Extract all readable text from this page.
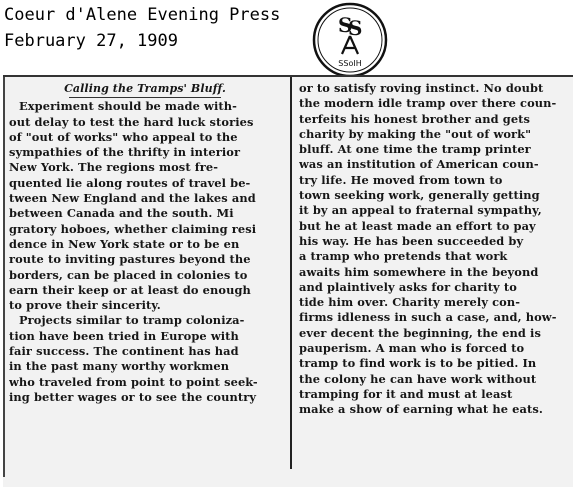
Coeur d'Alene Evening Press
February 27, 1909
S
S
SSoIH
Calling the Tramps' Bluff.
Experiment should be made with-
out delay to test the hard luck stories
of "out of works" who appeal to the
sympathies of the thrifty in interior
New York. The regions most fre-
quented lie along routes of travel be-
tween New England and the lakes and
between Canada and the south. Mi
gratory hoboes, whether claiming resi
dence in New York state or to be en
route to inviting pastures beyond the
borders, can be placed in colonies to
earn their keep or at least do enough
to prove their sincerity.
Projects similar to tramp coloniza-
tion have been tried in Europe with
fair success. The continent has had
in the past many worthy workmen
who traveled from point to point seek-
ing better wages or to see the country
or to satisfy roving instinct. No doubt
the modern idle tramp over there coun-
terfeits his honest brother and gets
charity by making the "out of work"
bluff. At one time the tramp printer
was an institution of American coun-
try life. He moved from town to
town seeking work, generally getting
it by an appeal to fraternal sympathy,
but he at least made an effort to pay
his way. He has been succeeded by
a tramp who pretends that work
awaits him somewhere in the beyond
and plaintively asks for charity to
tide him over. Charity merely con-
firms idleness in such a case, and, how-
ever decent the beginning, the end is
pauperism. A man who is forced to
tramp to find work is to be pitied. In
the colony he can have work without
tramping for it and must at least
make a show of earning what he eats.
